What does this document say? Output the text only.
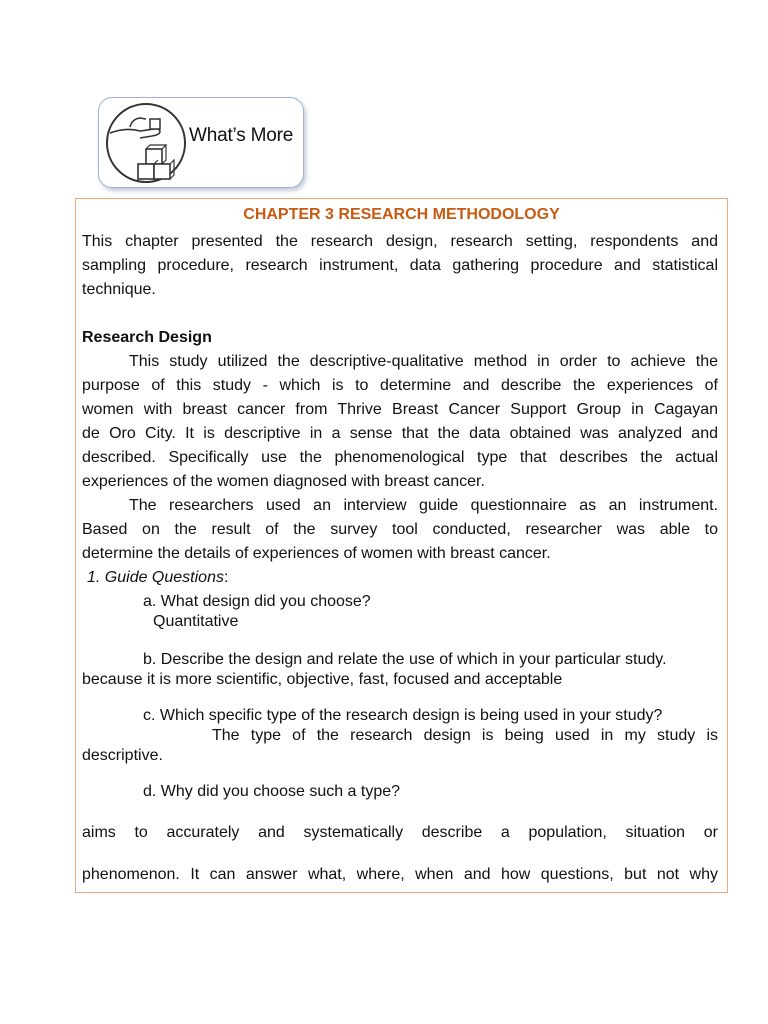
What’s More
CHAPTER 3 RESEARCH METHODOLOGY
This chapter presented the research design, research setting, respondents and
sampling procedure, research instrument, data gathering procedure and statistical
technique.
Research Design
This study utilized the descriptive-qualitative method in order to achieve the
purpose of this study - which is to determine and describe the experiences of
women with breast cancer from Thrive Breast Cancer Support Group in Cagayan
de Oro City. It is descriptive in a sense that the data obtained was analyzed and
described. Specifically use the phenomenological type that describes the actual
experiences of the women diagnosed with breast cancer.
The researchers used an interview guide questionnaire as an instrument.
Based on the result of the survey tool conducted, researcher was able to
determine the details of experiences of women with breast cancer.
1. Guide Questions:
a. What design did you choose?
Quantitative
b. Describe the design and relate the use of which in your particular study.
because it is more scientific, objective, fast, focused and acceptable
c. Which specific type of the research design is being used in your study?
The type of the research design is being used in my study is
descriptive.
d. Why did you choose such a type?
aims to accurately and systematically describe a population, situation or
phenomenon. It can answer what, where, when and how questions, but not why
